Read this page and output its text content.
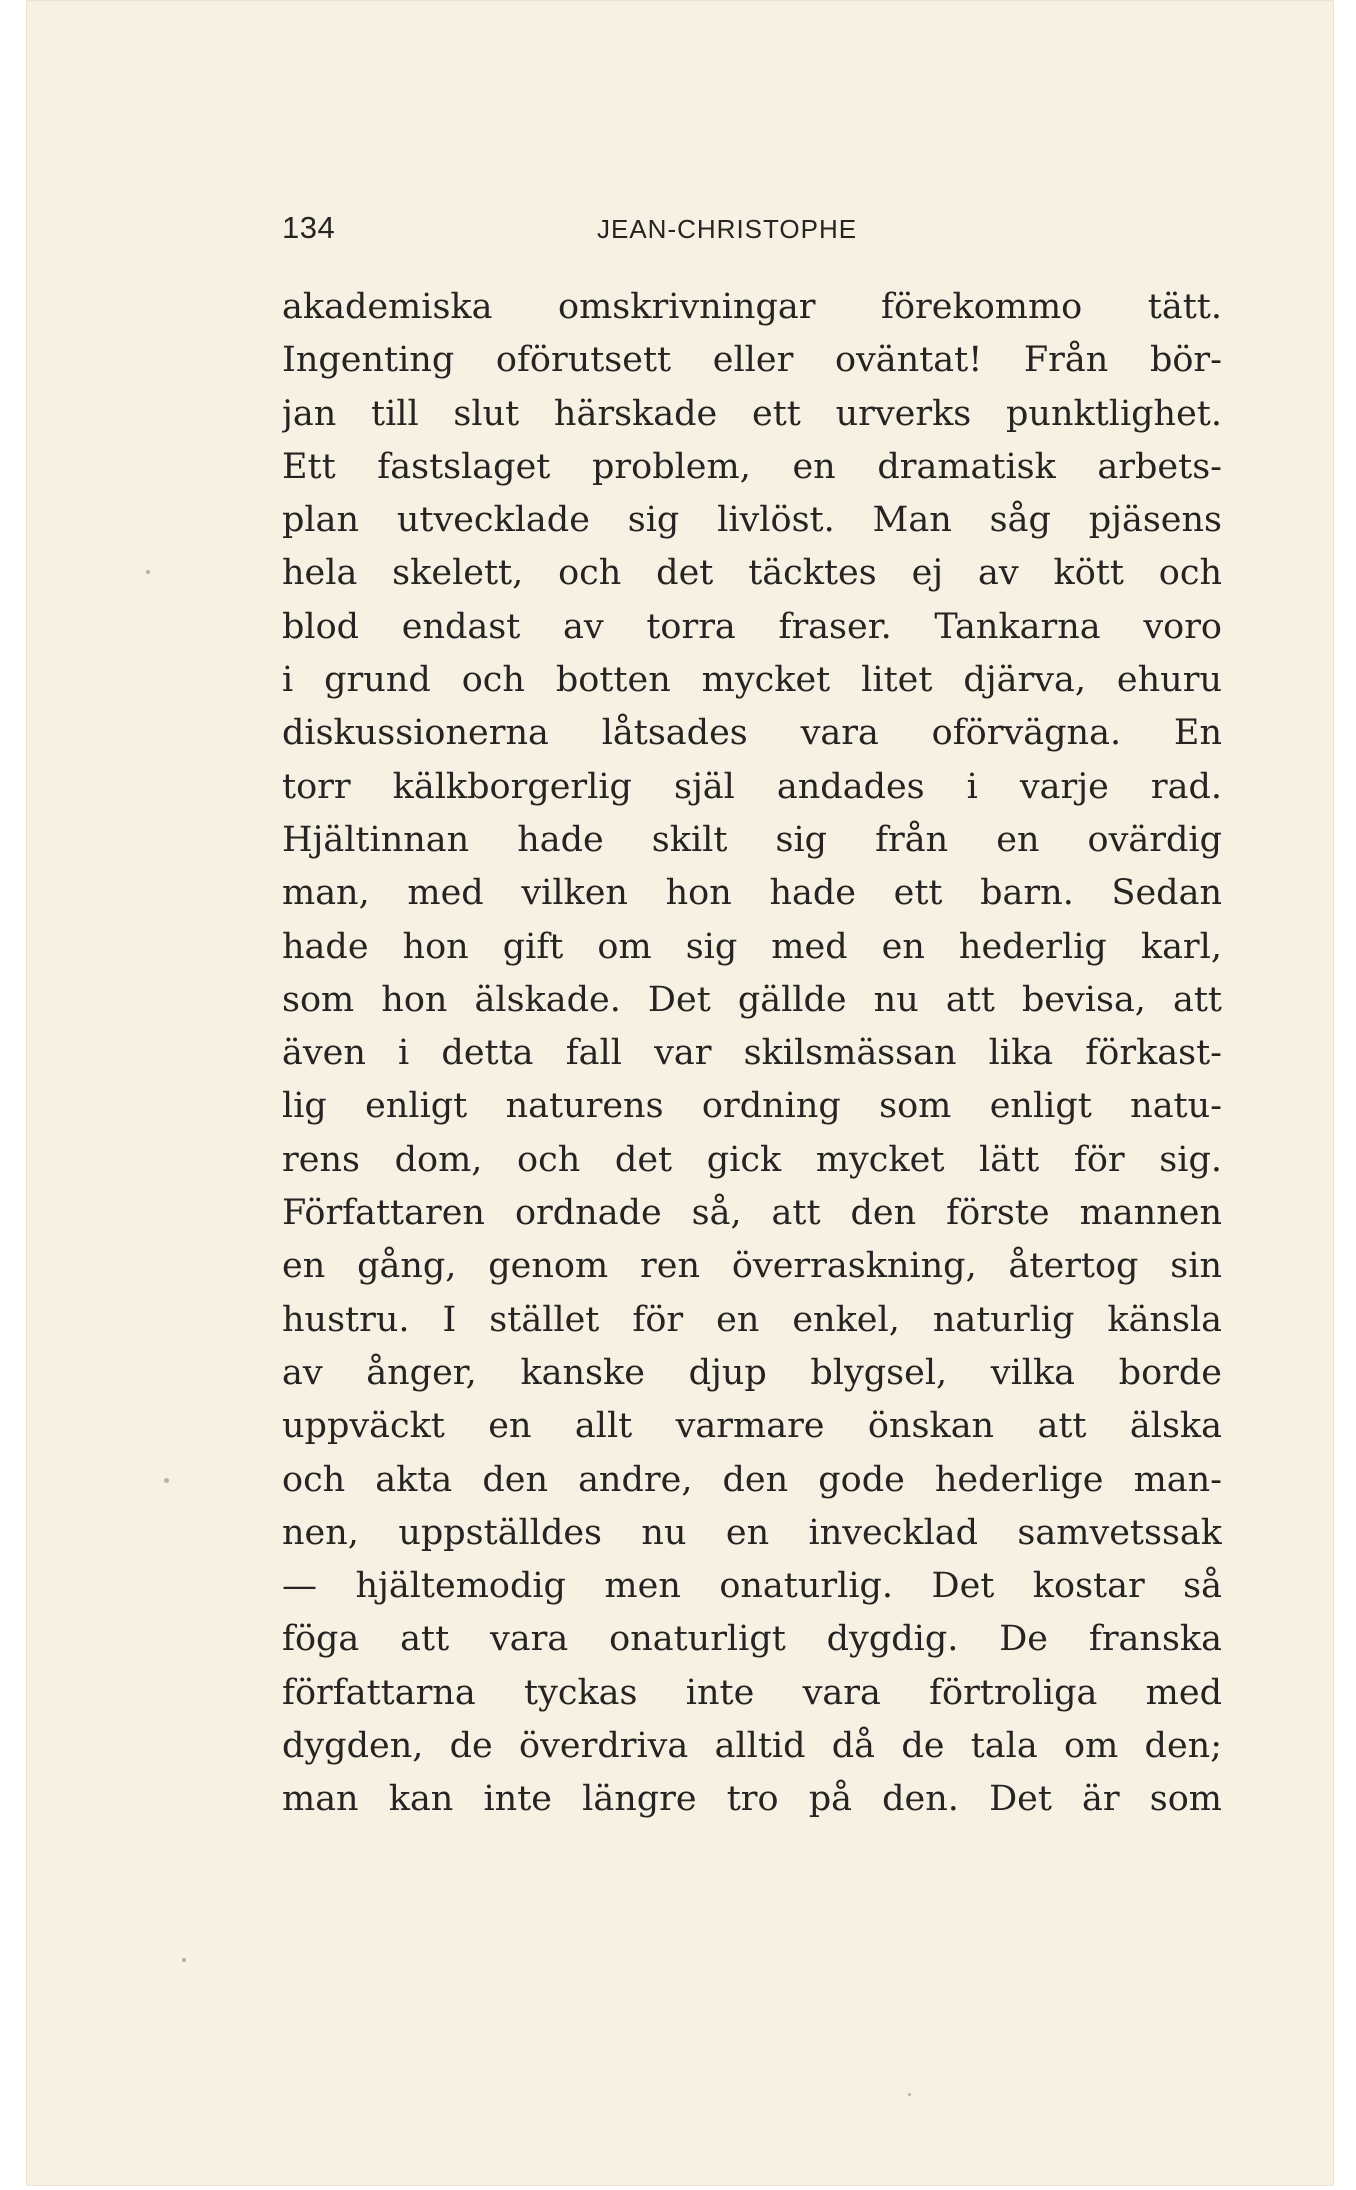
134	JEAN-CHRISTOPHE
akademiska omskrivningar förekommo tätt.
Ingenting oförutsett eller oväntat! Från bör-
jan till slut härskade ett urverks punktlighet.
Ett fastslaget problem, en dramatisk arbets-
plan utvecklade sig livlöst. Man såg pjäsens
hela skelett, och det täcktes ej av kött och
blod endast av torra fraser. Tankarna voro
i grund och botten mycket litet djärva, ehuru
diskussionerna låtsades vara oförvägna. En
torr kälkborgerlig själ andades i varje rad.
Hjältinnan hade skilt sig från en ovärdig
man, med vilken hon hade ett barn. Sedan
hade hon gift om sig med en hederlig karl,
som hon älskade. Det gällde nu att bevisa, att
även i detta fall var skilsmässan lika förkast-
lig enligt naturens ordning som enligt natu-
rens dom, och det gick mycket lätt för sig.
Författaren ordnade så, att den förste mannen
en gång, genom ren överraskning, återtog sin
hustru. I stället för en enkel, naturlig känsla
av ånger, kanske djup blygsel, vilka borde
uppväckt en allt varmare önskan att älska
och akta den andre, den gode hederlige man-
nen, uppställdes nu en invecklad samvetssak
— hjältemodig men onaturlig. Det kostar så
föga att vara onaturligt dygdig. De franska
författarna tyckas inte vara förtroliga med
dygden, de överdriva alltid då de tala om den;
man kan inte längre tro på den. Det är som
